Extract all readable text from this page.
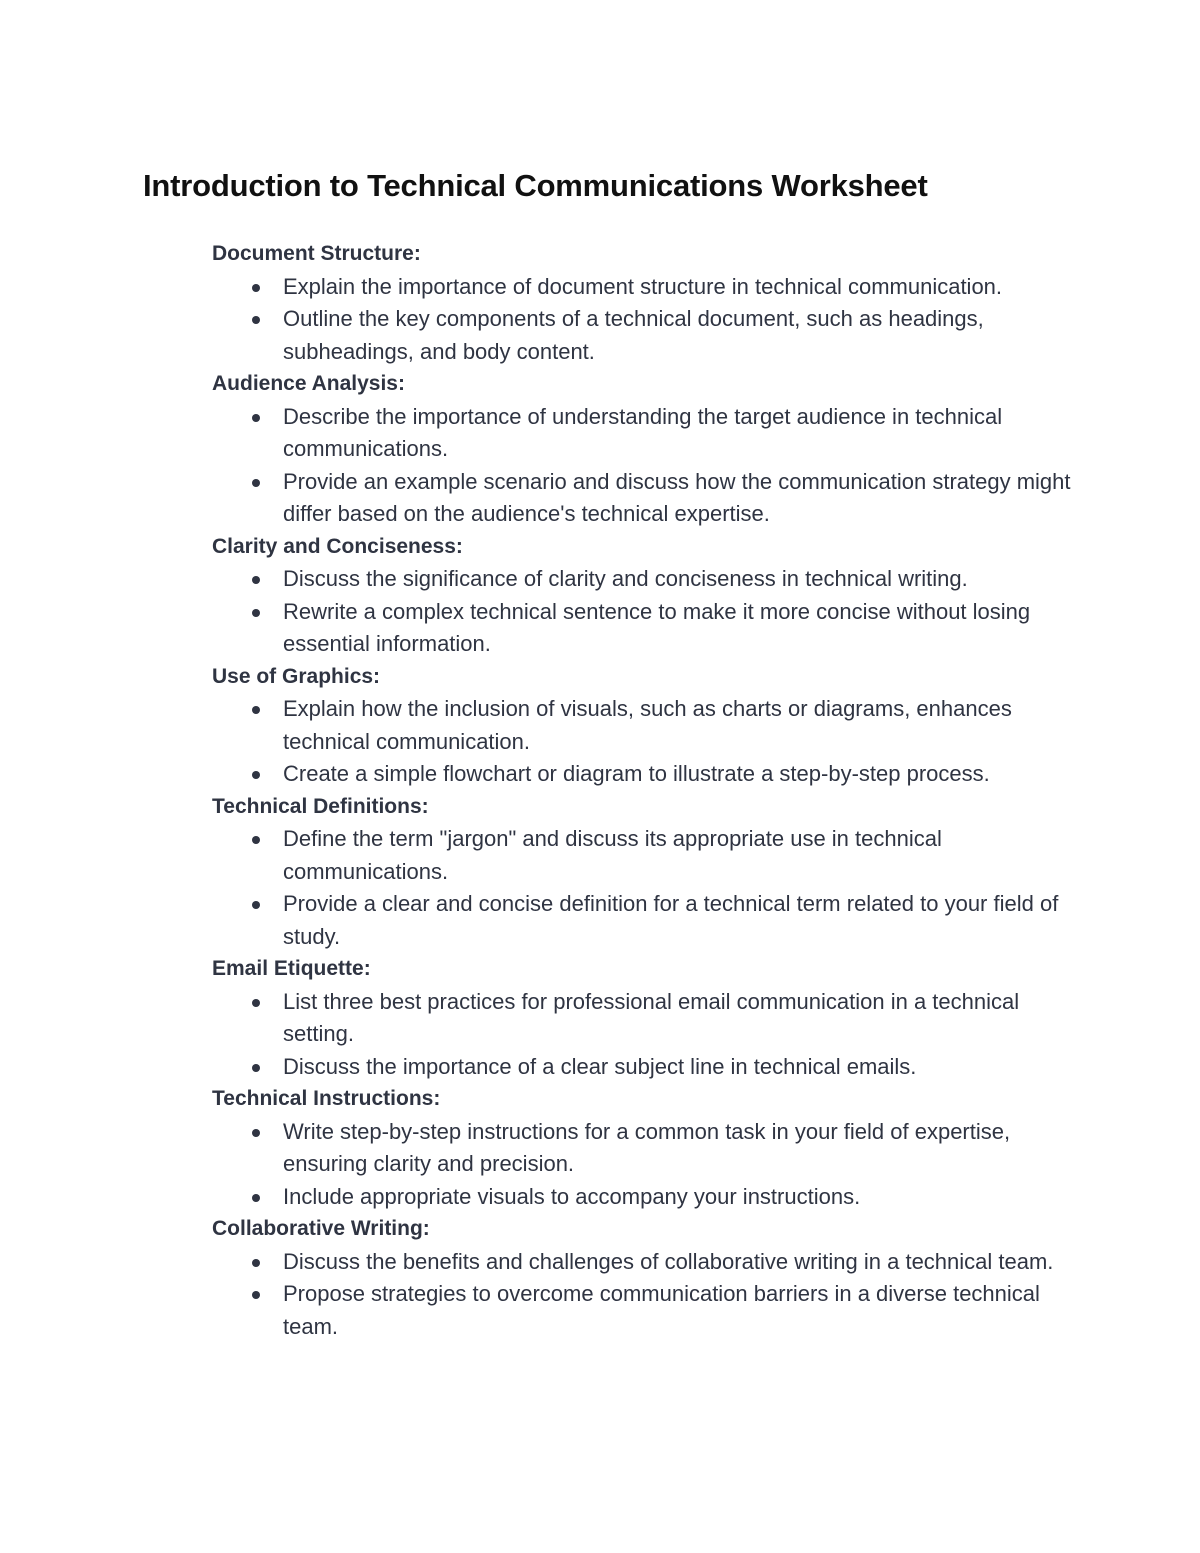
Introduction to Technical Communications Worksheet

Document Structure:

Explain the importance of document structure in technical communication.
Outline the key components of a technical document, such as headings, subheadings, and body content.

Audience Analysis:

Describe the importance of understanding the target audience in technical communications.
Provide an example scenario and discuss how the communication strategy might differ based on the audience's technical expertise.

Clarity and Conciseness:

Discuss the significance of clarity and conciseness in technical writing.
Rewrite a complex technical sentence to make it more concise without losing essential information.

Use of Graphics:

Explain how the inclusion of visuals, such as charts or diagrams, enhances technical communication.
Create a simple flowchart or diagram to illustrate a step-by-step process.

Technical Definitions:

Define the term "jargon" and discuss its appropriate use in technical communications.
Provide a clear and concise definition for a technical term related to your field of study.

Email Etiquette:

List three best practices for professional email communication in a technical setting.
Discuss the importance of a clear subject line in technical emails.

Technical Instructions:

Write step-by-step instructions for a common task in your field of expertise, ensuring clarity and precision.
Include appropriate visuals to accompany your instructions.

Collaborative Writing:

Discuss the benefits and challenges of collaborative writing in a technical team.
Propose strategies to overcome communication barriers in a diverse technical team.
